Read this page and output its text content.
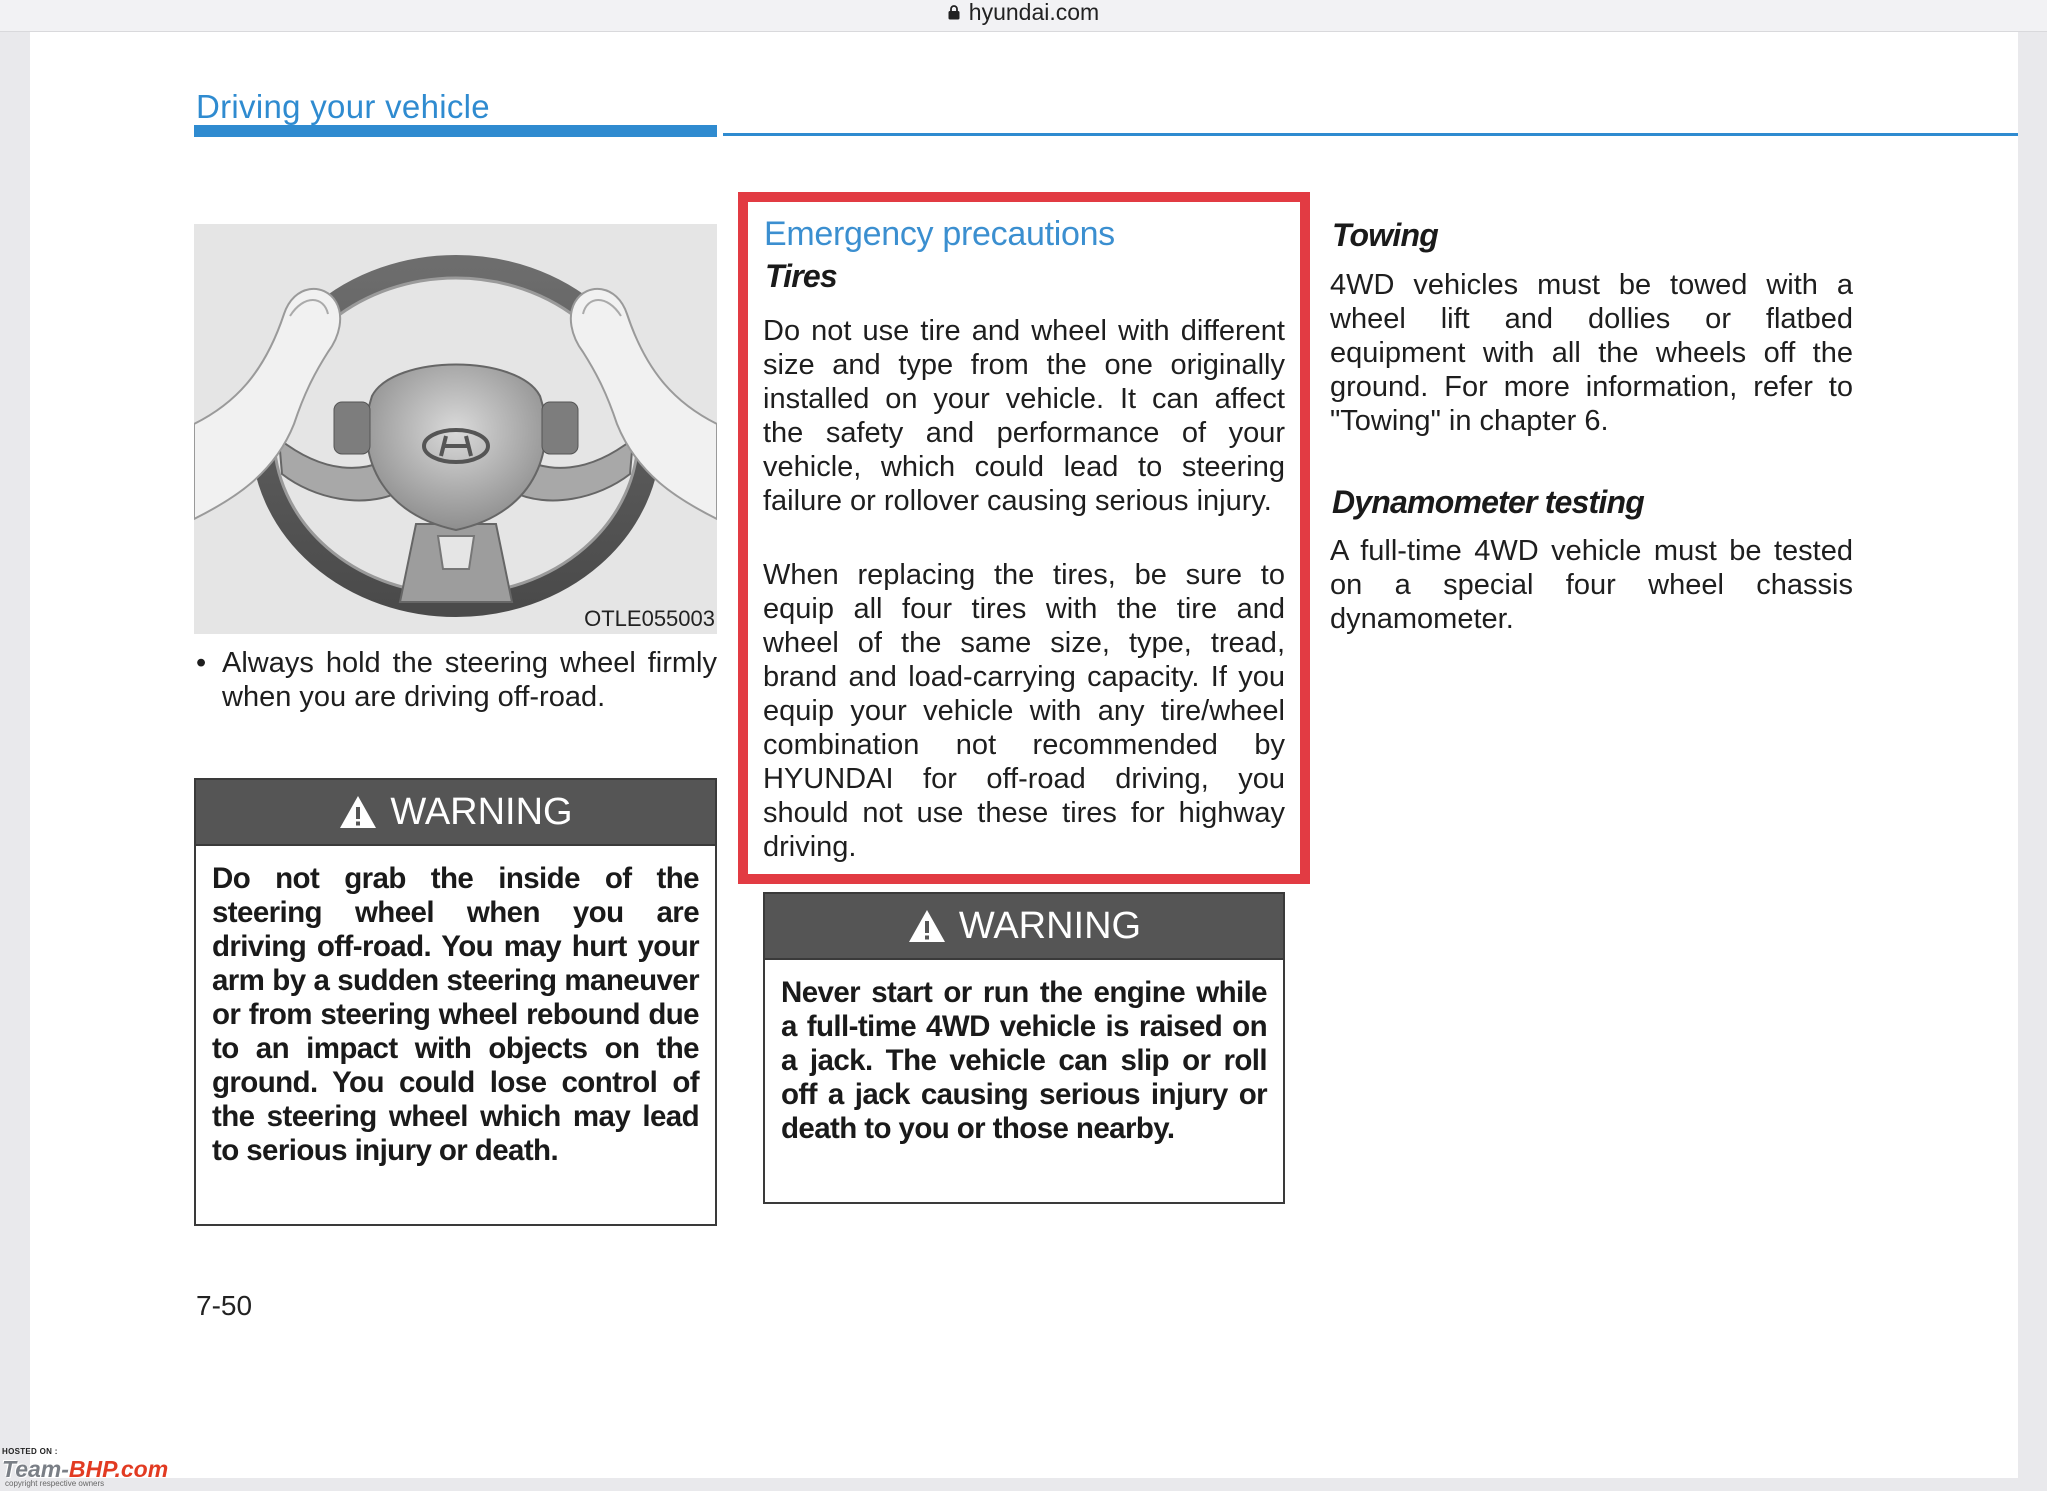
hyundai.com
Driving your vehicle
OTLE055003
• Always hold the steering wheel firmly when you are driving off-road.
WARNING
Do not grab the inside of the steering wheel when you are driving off-road. You may hurt your arm by a sudden steering maneuver or from steering wheel rebound due to an impact with objects on the ground. You could lose control of the steering wheel which may lead to serious injury or death.
Emergency precautions
Tires
Do not use tire and wheel with different size and type from the one originally installed on your vehicle. It can affect the safety and performance of your vehicle, which could lead to steering failure or rollover causing serious injury.
When replacing the tires, be sure to equip all four tires with the tire and wheel of the same size, type, tread, brand and load-carrying capacity. If you equip your vehicle with any tire/wheel combination not recommended by HYUNDAI for off-road driving, you should not use these tires for highway driving.
WARNING
Never start or run the engine while a full-time 4WD vehicle is raised on a jack. The vehicle can slip or roll off a jack causing serious injury or death to you or those nearby.
Towing
4WD vehicles must be towed with a wheel lift and dollies or flatbed equipment with all the wheels off the ground. For more information, refer to "Towing" in chapter 6.
Dynamometer testing
A full-time 4WD vehicle must be tested on a special four wheel chassis dynamometer.
7-50
HOSTED ON :
Team-BHP.com
copyright respective owners
